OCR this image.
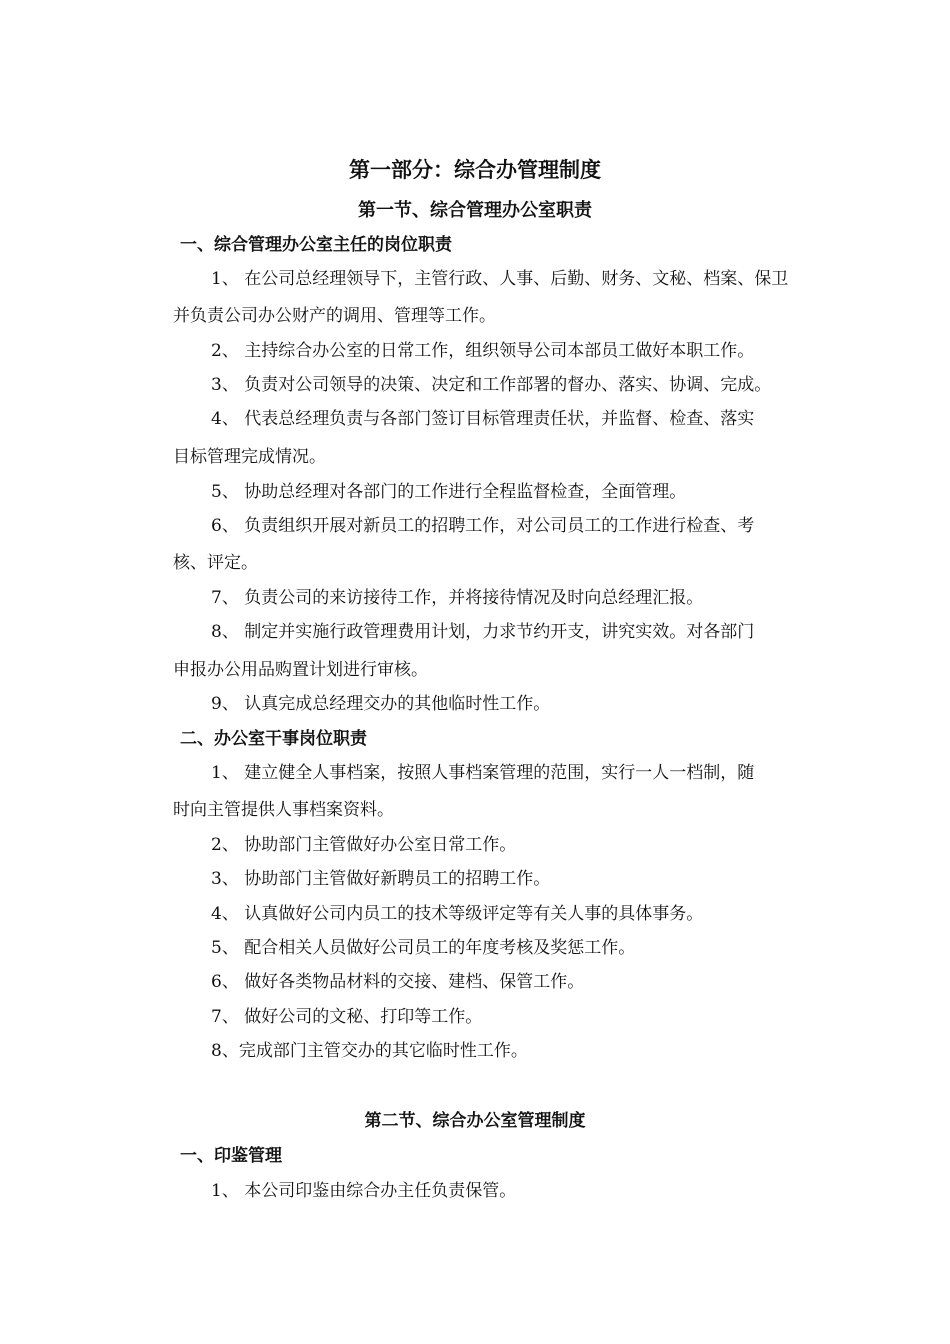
第一部分：综合办管理制度
第一节、综合管理办公室职责
一、综合管理办公室主任的岗位职责
1、 在公司总经理领导下，主管行政、人事、后勤、财务、文秘、档案、保卫
并负责公司办公财产的调用、管理等工作。
2、 主持综合办公室的日常工作，组织领导公司本部员工做好本职工作。
3、 负责对公司领导的决策、决定和工作部署的督办、落实、协调、完成。
4、 代表总经理负责与各部门签订目标管理责任状，并监督、检查、落实
目标管理完成情况。
5、 协助总经理对各部门的工作进行全程监督检查，全面管理。
6、 负责组织开展对新员工的招聘工作，对公司员工的工作进行检查、考
核、评定。
7、 负责公司的来访接待工作，并将接待情况及时向总经理汇报。
8、 制定并实施行政管理费用计划，力求节约开支，讲究实效。对各部门
申报办公用品购置计划进行审核。
9、 认真完成总经理交办的其他临时性工作。
二、办公室干事岗位职责
1、 建立健全人事档案，按照人事档案管理的范围，实行一人一档制，随
时向主管提供人事档案资料。
2、 协助部门主管做好办公室日常工作。
3、 协助部门主管做好新聘员工的招聘工作。
4、 认真做好公司内员工的技术等级评定等有关人事的具体事务。
5、 配合相关人员做好公司员工的年度考核及奖惩工作。
6、 做好各类物品材料的交接、建档、保管工作。
7、 做好公司的文秘、打印等工作。
8、完成部门主管交办的其它临时性工作。
第二节、综合办公室管理制度
一、印鉴管理
1、 本公司印鉴由综合办主任负责保管。
